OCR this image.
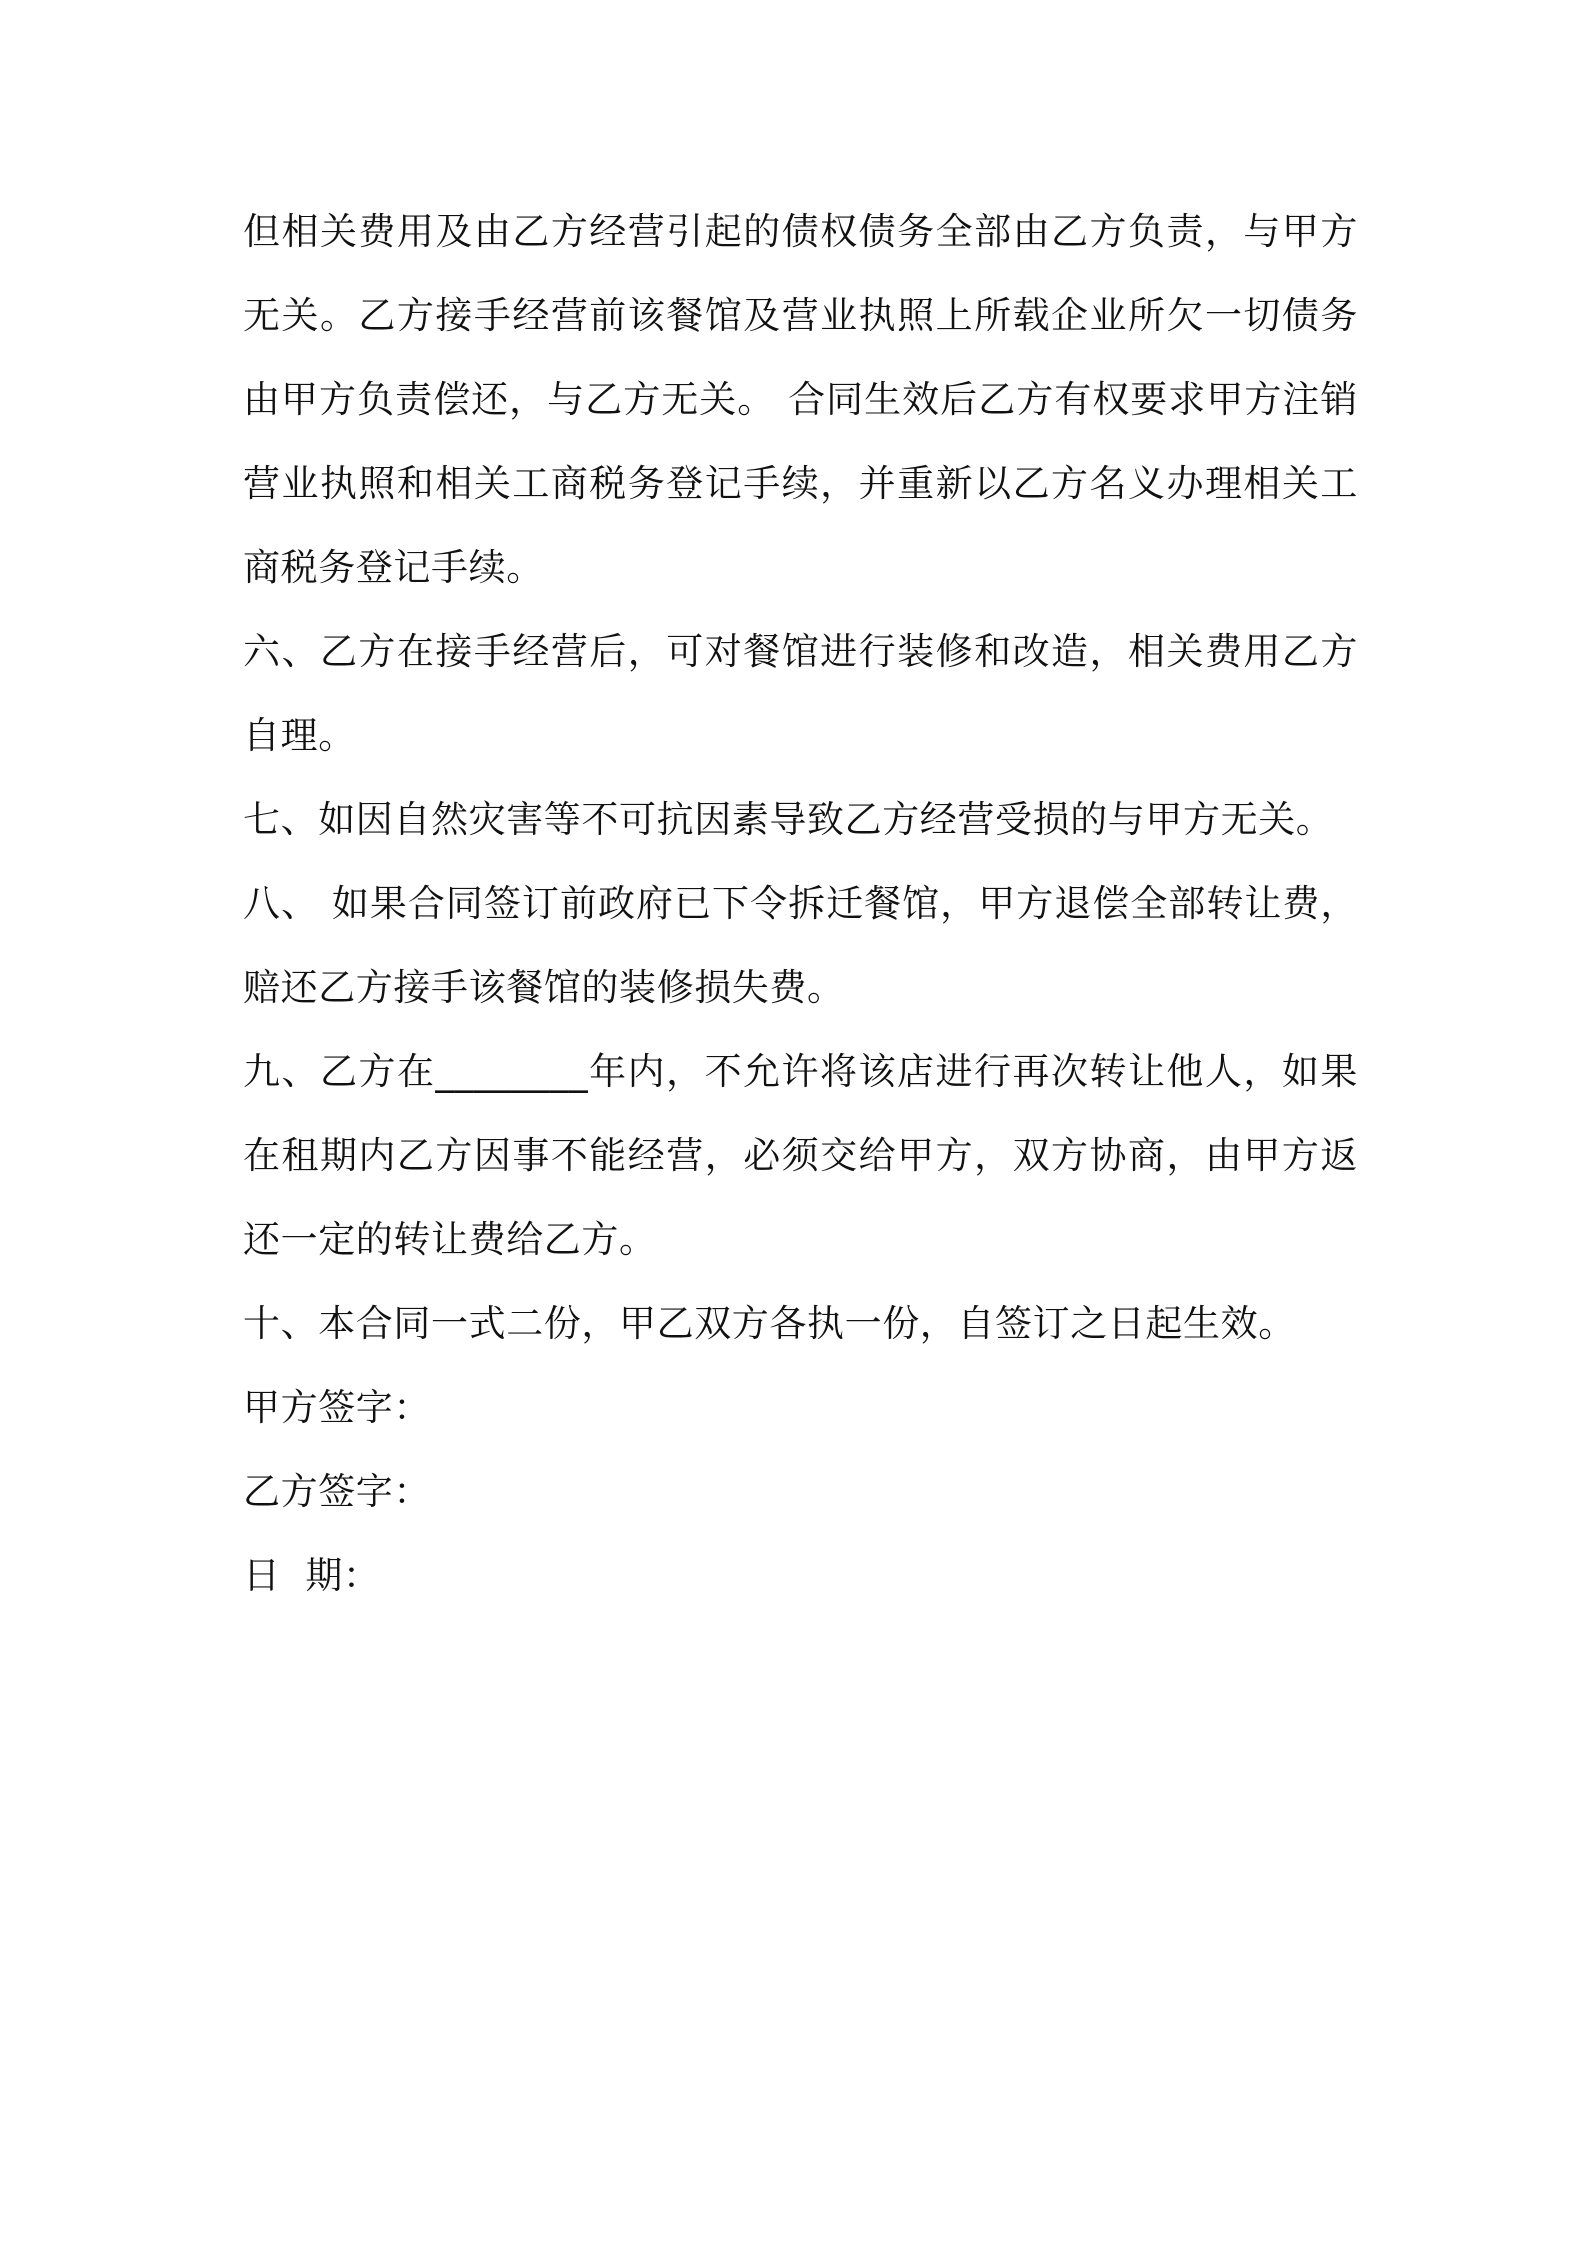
但相关费用及由乙方经营引起的债权债务全部由乙方负责，与甲方无关。乙方接手经营前该餐馆及营业执照上所载企业所欠一切债务由甲方负责偿还，与乙方无关。 合同生效后乙方有权要求甲方注销营业执照和相关工商税务登记手续，并重新以乙方名义办理相关工商税务登记手续。

六、乙方在接手经营后，可对餐馆进行装修和改造，相关费用乙方自理。

七、如因自然灾害等不可抗因素导致乙方经营受损的与甲方无关。

八、 如果合同签订前政府已下令拆迁餐馆，甲方退偿全部转让费，赔还乙方接手该餐馆的装修损失费。

九、乙方在________年内，不允许将该店进行再次转让他人，如果在租期内乙方因事不能经营，必须交给甲方，双方协商，由甲方返还一定的转让费给乙方。

十、本合同一式二份，甲乙双方各执一份，自签订之日起生效。

甲方签字：

乙方签字：

日  期：
